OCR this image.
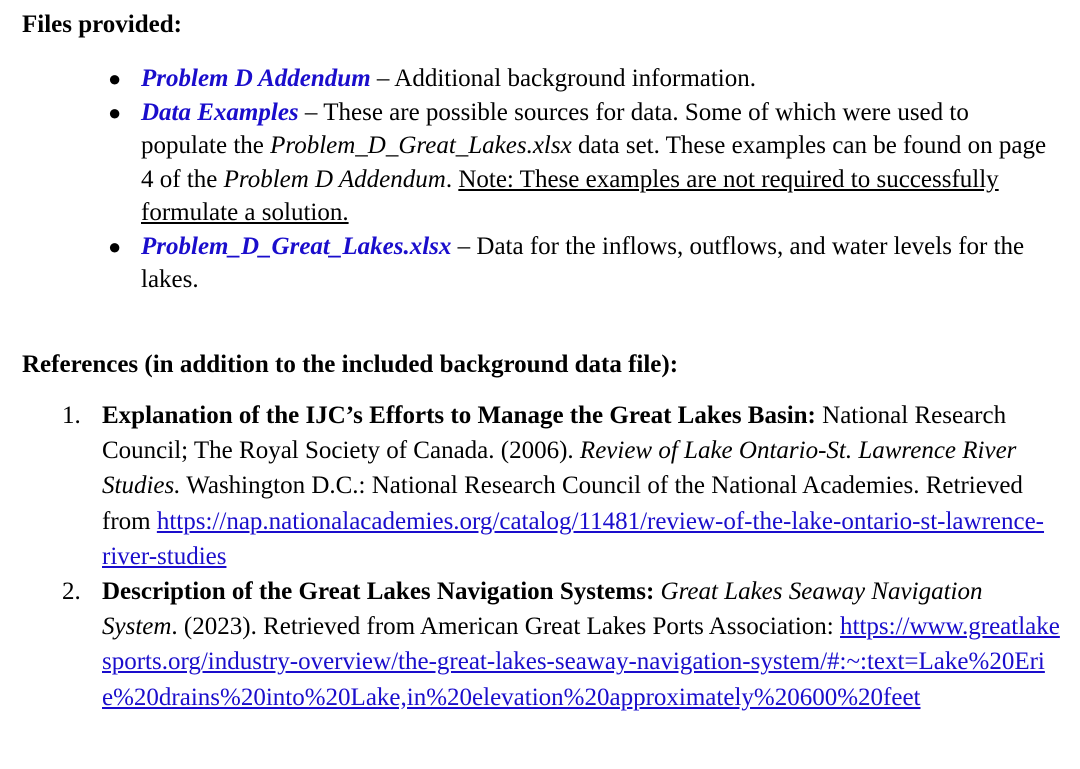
Files provided:
● Problem D Addendum – Additional background information.
● Data Examples – These are possible sources for data. Some of which were used to populate the Problem_D_Great_Lakes.xlsx data set. These examples can be found on page 4 of the Problem D Addendum. Note: These examples are not required to successfully formulate a solution.
● Problem_D_Great_Lakes.xlsx – Data for the inflows, outflows, and water levels for the lakes.
References (in addition to the included background data file):
1. Explanation of the IJC’s Efforts to Manage the Great Lakes Basin: National Research Council; The Royal Society of Canada. (2006). Review of Lake Ontario-St. Lawrence River Studies. Washington D.C.: National Research Council of the National Academies. Retrieved from https://nap.nationalacademies.org/catalog/11481/review-of-the-lake-ontario-st-lawrence-river-studies
2. Description of the Great Lakes Navigation Systems: Great Lakes Seaway Navigation System. (2023). Retrieved from American Great Lakes Ports Association: https://www.greatlakesports.org/industry-overview/the-great-lakes-seaway-navigation-system/#:~:text=Lake%20Erie%20drains%20into%20Lake,in%20elevation%20approximately%20600%20feet
